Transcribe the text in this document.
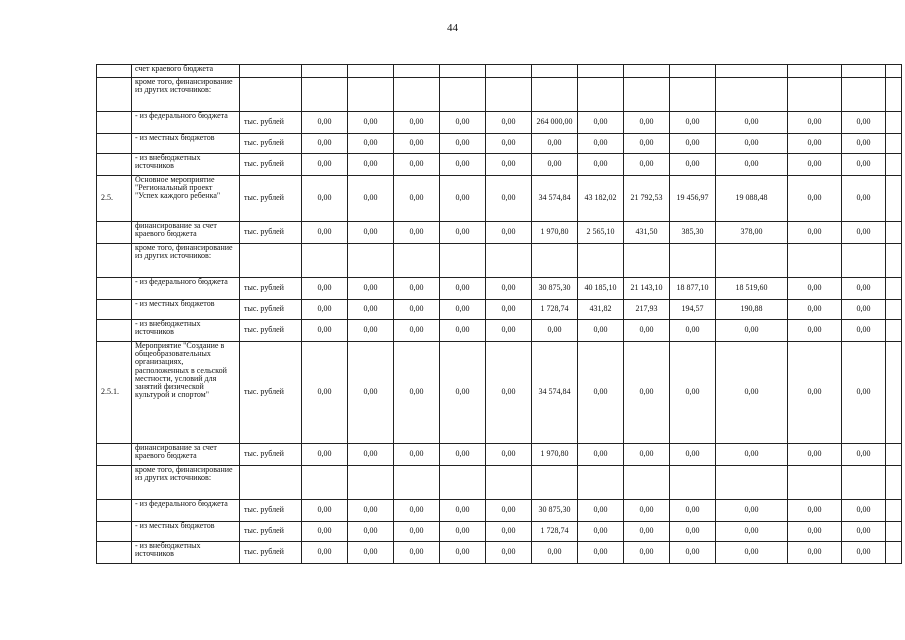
44
	счет краевого бюджета														
	кроме того, финансирование из других источников:														
	- из федерального бюджета	тыс. рублей	0,00	0,00	0,00	0,00	0,00	264 000,00	0,00	0,00	0,00	0,00	0,00	0,00	
	- из местных бюджетов	тыс. рублей	0,00	0,00	0,00	0,00	0,00	0,00	0,00	0,00	0,00	0,00	0,00	0,00	
	- из внебюджетных источников	тыс. рублей	0,00	0,00	0,00	0,00	0,00	0,00	0,00	0,00	0,00	0,00	0,00	0,00	
2.5.	Основное мероприятие "Региональный проект "Успех каждого ребенка"	тыс. рублей	0,00	0,00	0,00	0,00	0,00	34 574,84	43 182,02	21 792,53	19 456,97	19 088,48	0,00	0,00	
	финансирование за счет краевого бюджета	тыс. рублей	0,00	0,00	0,00	0,00	0,00	1 970,80	2 565,10	431,50	385,30	378,00	0,00	0,00	
	кроме того, финансирование из других источников:														
	- из федерального бюджета	тыс. рублей	0,00	0,00	0,00	0,00	0,00	30 875,30	40 185,10	21 143,10	18 877,10	18 519,60	0,00	0,00	
	- из местных бюджетов	тыс. рублей	0,00	0,00	0,00	0,00	0,00	1 728,74	431,82	217,93	194,57	190,88	0,00	0,00	
	- из внебюджетных источников	тыс. рублей	0,00	0,00	0,00	0,00	0,00	0,00	0,00	0,00	0,00	0,00	0,00	0,00	
2.5.1.	Мероприятие "Создание в общеобразовательных организациях, расположенных в сельской местности, условий для занятий физической культурой и спортом"	тыс. рублей	0,00	0,00	0,00	0,00	0,00	34 574,84	0,00	0,00	0,00	0,00	0,00	0,00	
	финансирование за счет краевого бюджета	тыс. рублей	0,00	0,00	0,00	0,00	0,00	1 970,80	0,00	0,00	0,00	0,00	0,00	0,00	
	кроме того, финансирование из других источников:														
	- из федерального бюджета	тыс. рублей	0,00	0,00	0,00	0,00	0,00	30 875,30	0,00	0,00	0,00	0,00	0,00	0,00	
	- из местных бюджетов	тыс. рублей	0,00	0,00	0,00	0,00	0,00	1 728,74	0,00	0,00	0,00	0,00	0,00	0,00	
	- из внебюджетных источников	тыс. рублей	0,00	0,00	0,00	0,00	0,00	0,00	0,00	0,00	0,00	0,00	0,00	0,00	
